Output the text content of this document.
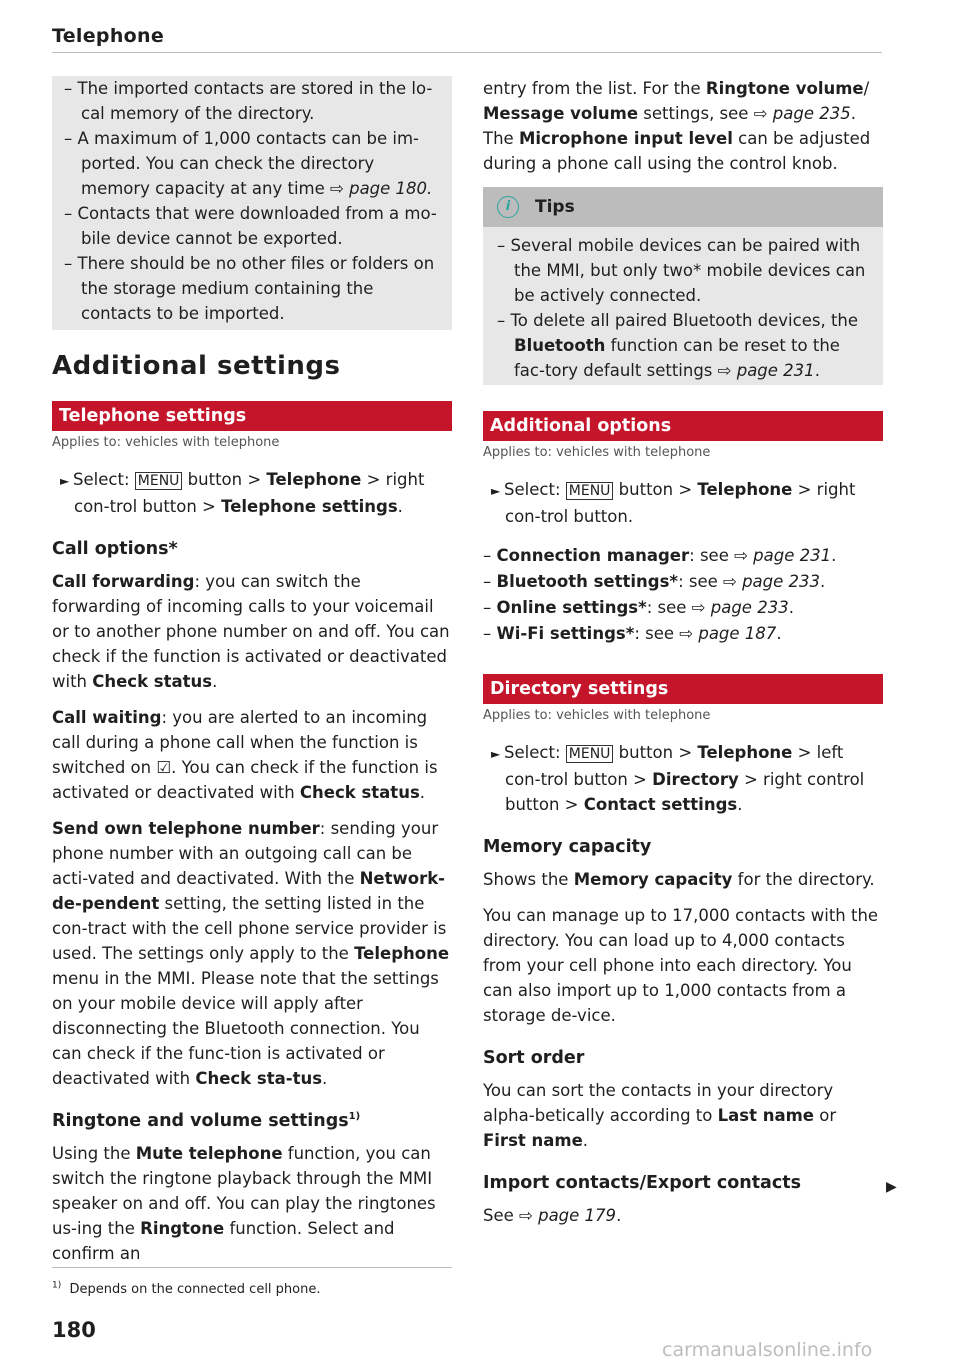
Telephone
– The imported contacts are stored in the lo-cal memory of the directory.
– A maximum of 1,000 contacts can be im-ported. You can check the directory memory capacity at any time ⇨ page 180.
– Contacts that were downloaded from a mo-bile device cannot be exported.
– There should be no other files or folders on the storage medium containing the contacts to be imported.
Additional settings
Telephone settings
Applies to: vehicles with telephone
► Select: MENU button > Telephone > right con-trol button > Telephone settings.
Call options*

Call forwarding: you can switch the forwarding of incoming calls to your voicemail or to another phone number on and off. You can check if the function is activated or deactivated with Check status.

Call waiting: you are alerted to an incoming call during a phone call when the function is switched on ☑. You can check if the function is activated or deactivated with Check status.

Send own telephone number: sending your phone number with an outgoing call can be acti-vated and deactivated. With the Network-de-pendent setting, the setting listed in the con-tract with the cell phone service provider is used. The settings only apply to the Telephone menu in the MMI. Please note that the settings on your mobile device will apply after disconnecting the Bluetooth connection. You can check if the func-tion is activated or deactivated with Check sta-tus.

Ringtone and volume settings$^{1)}$

Using the Mute telephone function, you can switch the ringtone playback through the MMI speaker on and off. You can play the ringtones us-ing the Ringtone function. Select and confirm an

entry from the list. For the Ringtone volume/ Message volume settings, see ⇨ page 235. The Microphone input level can be adjusted during a phone call using the control knob.

i	Tips
– Several mobile devices can be paired with the MMI, but only two* mobile devices can be actively connected.
– To delete all paired Bluetooth devices, the Bluetooth function can be reset to the fac-tory default settings ⇨ page 231.
Additional options
Applies to: vehicles with telephone
► Select: MENU button > Telephone > right con-trol button.
– Connection manager: see ⇨ page 231.
– Bluetooth settings*: see ⇨ page 233.
– Online settings*: see ⇨ page 233.
– Wi-Fi settings*: see ⇨ page 187.
Directory settings
Applies to: vehicles with telephone
► Select: MENU button > Telephone > left con-trol button > Directory > right control button > Contact settings.
Memory capacity

Shows the Memory capacity for the directory.

You can manage up to 17,000 contacts with the directory. You can load up to 4,000 contacts from your cell phone into each directory. You can also import up to 1,000 contacts from a storage de-vice.

Sort order

You can sort the contacts in your directory alpha-betically according to Last name or First name.

Import contacts/Export contacts

See ⇨ page 179.

▶
$^{1)}$ Depends on the connected cell phone.
180
carmanualsonline.info
